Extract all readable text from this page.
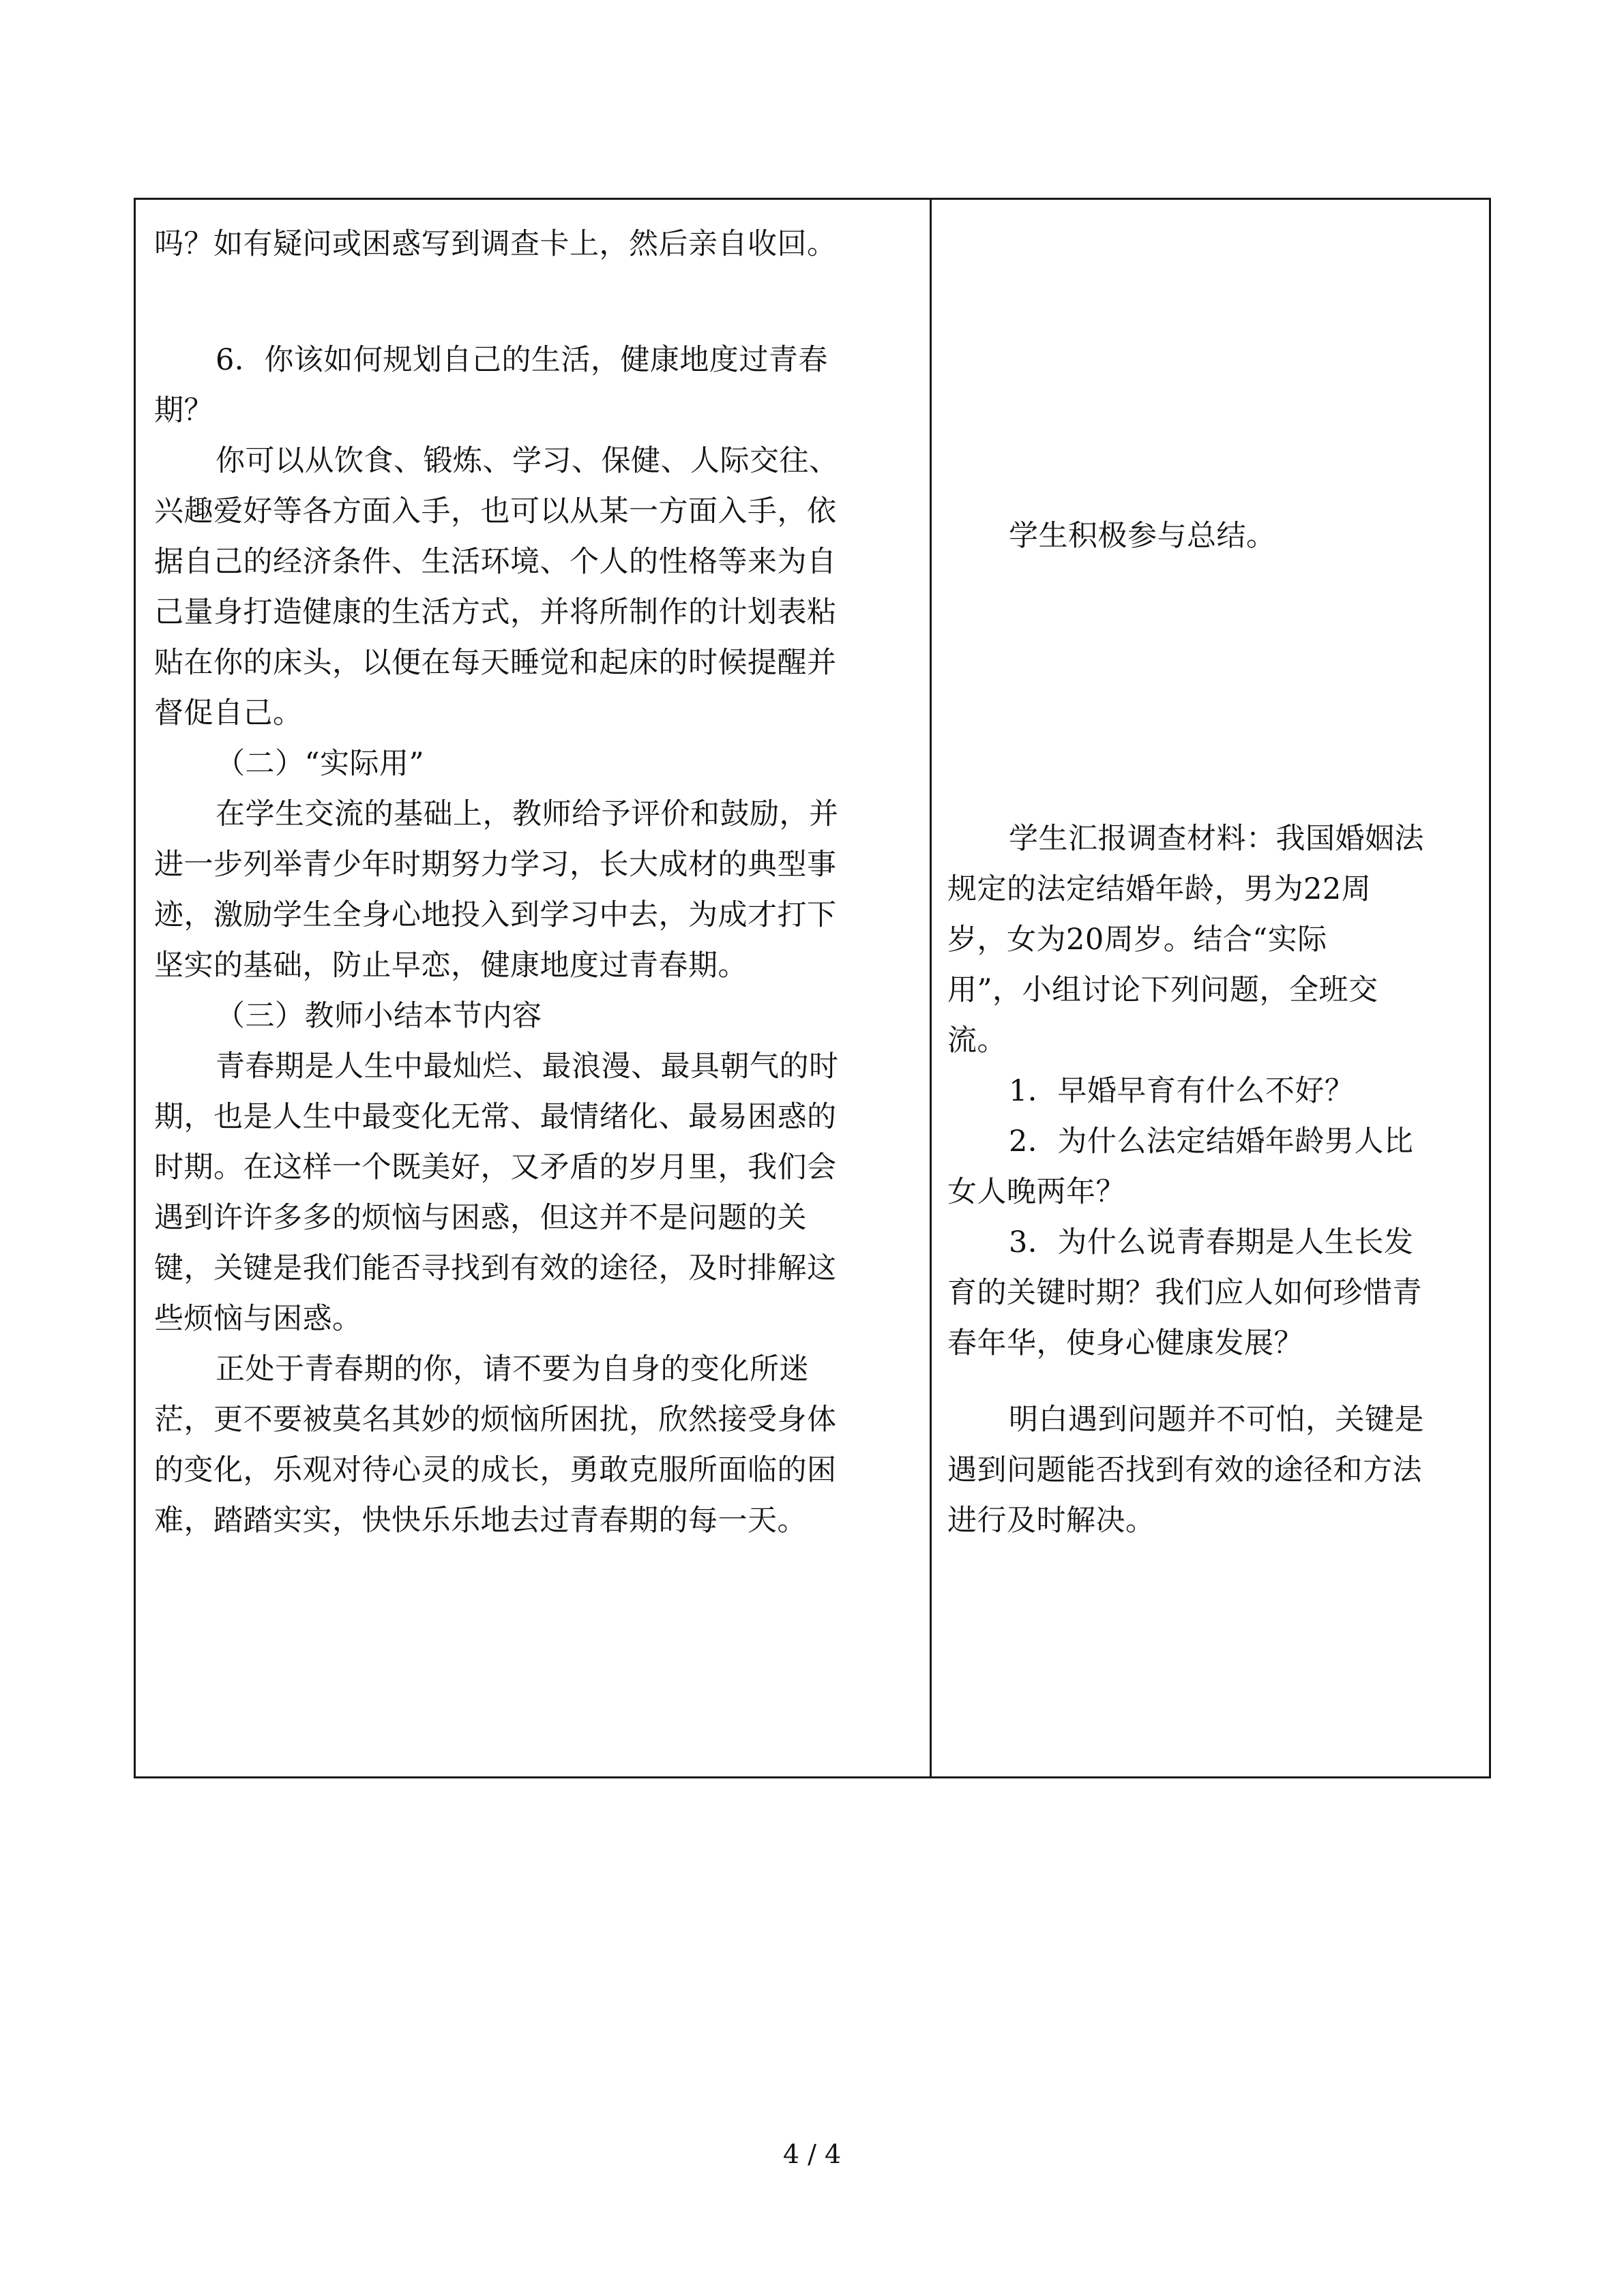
吗？如有疑问或困惑写到调查卡上，然后亲自收回。
6．你该如何规划自己的生活，健康地度过青春
期？
你可以从饮食、锻炼、学习、保健、人际交往、
兴趣爱好等各方面入手，也可以从某一方面入手，依
据自己的经济条件、生活环境、个人的性格等来为自
己量身打造健康的生活方式，并将所制作的计划表粘
贴在你的床头，以便在每天睡觉和起床的时候提醒并
督促自己。
（二）“实际用”
在学生交流的基础上，教师给予评价和鼓励，并
进一步列举青少年时期努力学习，长大成材的典型事
迹，激励学生全身心地投入到学习中去，为成才打下
坚实的基础，防止早恋，健康地度过青春期。
（三）教师小结本节内容
青春期是人生中最灿烂、最浪漫、最具朝气的时
期，也是人生中最变化无常、最情绪化、最易困惑的
时期。在这样一个既美好，又矛盾的岁月里，我们会
遇到许许多多的烦恼与困惑，但这并不是问题的关
键，关键是我们能否寻找到有效的途径，及时排解这
些烦恼与困惑。
正处于青春期的你，请不要为自身的变化所迷
茫，更不要被莫名其妙的烦恼所困扰，欣然接受身体
的变化，乐观对待心灵的成长，勇敢克服所面临的困
难，踏踏实实，快快乐乐地去过青春期的每一天。
学生积极参与总结。
学生汇报调查材料：我国婚姻法
规定的法定结婚年龄，男为22周
岁，女为20周岁。结合“实际
用”，小组讨论下列问题，全班交
流。
1．早婚早育有什么不好？
2．为什么法定结婚年龄男人比
女人晚两年？
3．为什么说青春期是人生长发
育的关键时期？我们应人如何珍惜青
春年华，使身心健康发展？
明白遇到问题并不可怕，关键是
遇到问题能否找到有效的途径和方法
进行及时解决。
4 / 4
